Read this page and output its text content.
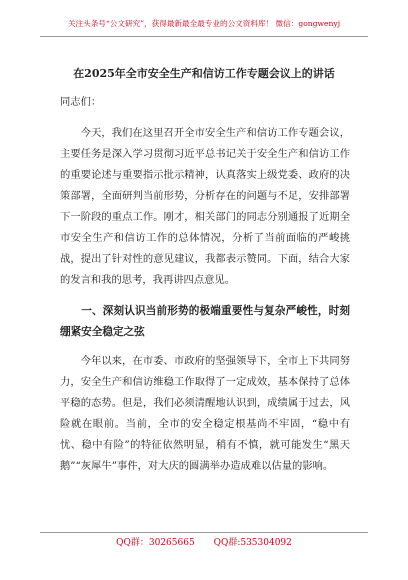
关注头条号“公文研究”，获得最新最全最专业的公文资料库！ 微信：gongwenyj
在2025年全市安全生产和信访工作专题会议上的讲话

同志们：

今天，我们在这里召开全市安全生产和信访工作专题会议，主要任务是深入学习贯彻习近平总书记关于安全生产和信访工作的重要论述与重要指示批示精神，认真落实上级党委、政府的决策部署，全面研判当前形势，分析存在的问题与不足，安排部署下一阶段的重点工作。刚才，相关部门的同志分别通报了近期全市安全生产和信访工作的总体情况，分析了当前面临的严峻挑战，提出了针对性的意见建议，我都表示赞同。下面，结合大家的发言和我的思考，我再讲四点意见。

一、深刻认识当前形势的极端重要性与复杂严峻性，时刻绷紧安全稳定之弦

今年以来，在市委、市政府的坚强领导下，全市上下共同努力，安全生产和信访维稳工作取得了一定成效，基本保持了总体平稳的态势。但是，我们必须清醒地认识到，成绩属于过去，风险就在眼前。当前，全市的安全稳定根基尚不牢固，“稳中有忧、稳中有险”的特征依然明显，稍有不慎，就可能发生“黑天鹅”“灰犀牛”事件，对大庆的圆满举办造成难以估量的影响。

QQ群：30265665 QQ群:535304092
